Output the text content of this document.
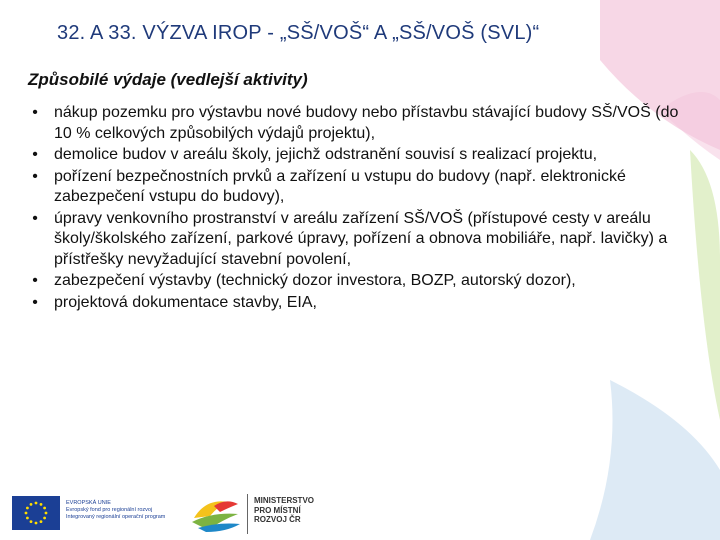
32. A 33. VÝZVA IROP - „SŠ/VOŠ“ A „SŠ/VOŠ (SVL)“
Způsobilé výdaje (vedlejší aktivity)
• nákup pozemku pro výstavbu nové budovy nebo přístavbu stávající budovy SŠ/VOŠ (do 10 % celkových způsobilých výdajů projektu),
• demolice budov v areálu školy, jejichž odstranění souvisí s realizací projektu,
• pořízení bezpečnostních prvků a zařízení u vstupu do budovy (např. elektronické zabezpečení vstupu do budovy),
• úpravy venkovního prostranství v areálu zařízení SŠ/VOŠ (přístupové cesty v areálu školy/školského zařízení, parkové úpravy, pořízení a obnova mobiliáře, např. lavičky) a přístřešky nevyžadující stavební povolení,
• zabezpečení výstavby (technický dozor investora, BOZP, autorský dozor),
• projektová dokumentace stavby, EIA,
EVROPSKÁ UNIE
Evropský fond pro regionální rozvoj
Integrovaný regionální operační program
MINISTERSTVO
PRO MÍSTNÍ
ROZVOJ ČR
